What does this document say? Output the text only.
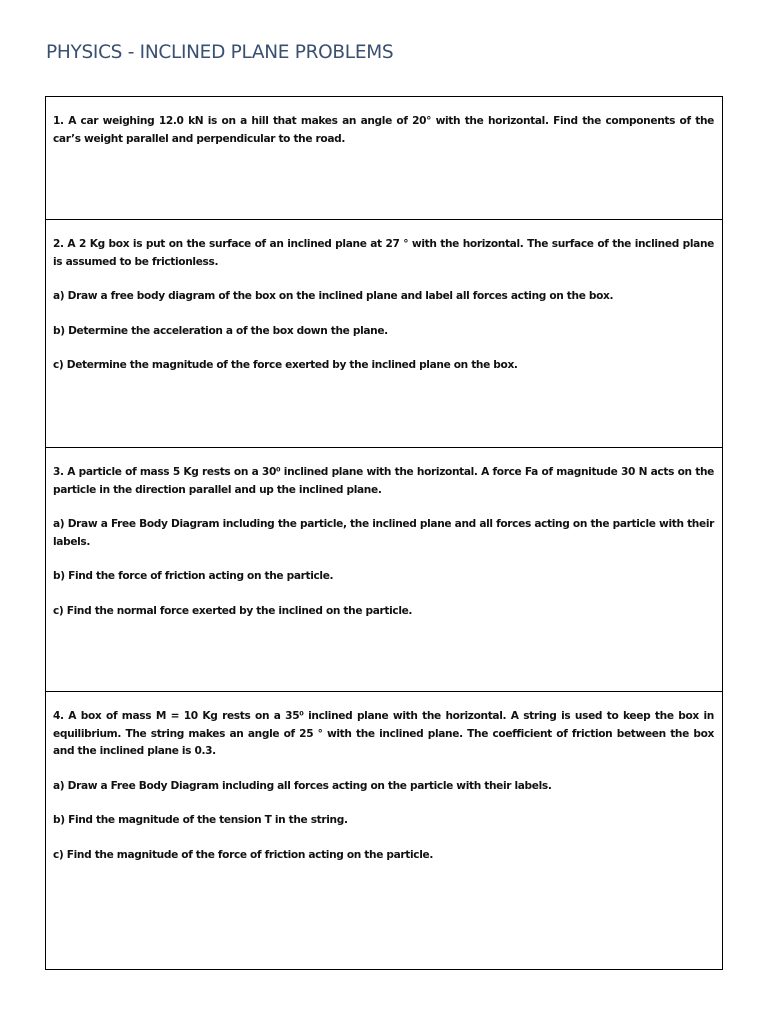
PHYSICS - INCLINED PLANE PROBLEMS

1. A car weighing 12.0 kN is on a hill that makes an angle of 20° with the horizontal. Find the components of the car’s weight parallel and perpendicular to the road.

2. A 2 Kg box is put on the surface of an inclined plane at 27 ° with the horizontal. The surface of the inclined plane is assumed to be frictionless.

a) Draw a free body diagram of the box on the inclined plane and label all forces acting on the box.

b) Determine the acceleration a of the box down the plane.

c) Determine the magnitude of the force exerted by the inclined plane on the box.

3. A particle of mass 5 Kg rests on a 30⁰ inclined plane with the horizontal. A force Fa of magnitude 30 N acts on the particle in the direction parallel and up the inclined plane.

a) Draw a Free Body Diagram including the particle, the inclined plane and all forces acting on the particle with their labels.

b) Find the force of friction acting on the particle.

c) Find the normal force exerted by the inclined on the particle.

4. A box of mass M = 10 Kg rests on a 35⁰ inclined plane with the horizontal. A string is used to keep the box in equilibrium. The string makes an angle of 25 ° with the inclined plane. The coefficient of friction between the box and the inclined plane is 0.3.

a) Draw a Free Body Diagram including all forces acting on the particle with their labels.

b) Find the magnitude of the tension T in the string.

c) Find the magnitude of the force of friction acting on the particle.
